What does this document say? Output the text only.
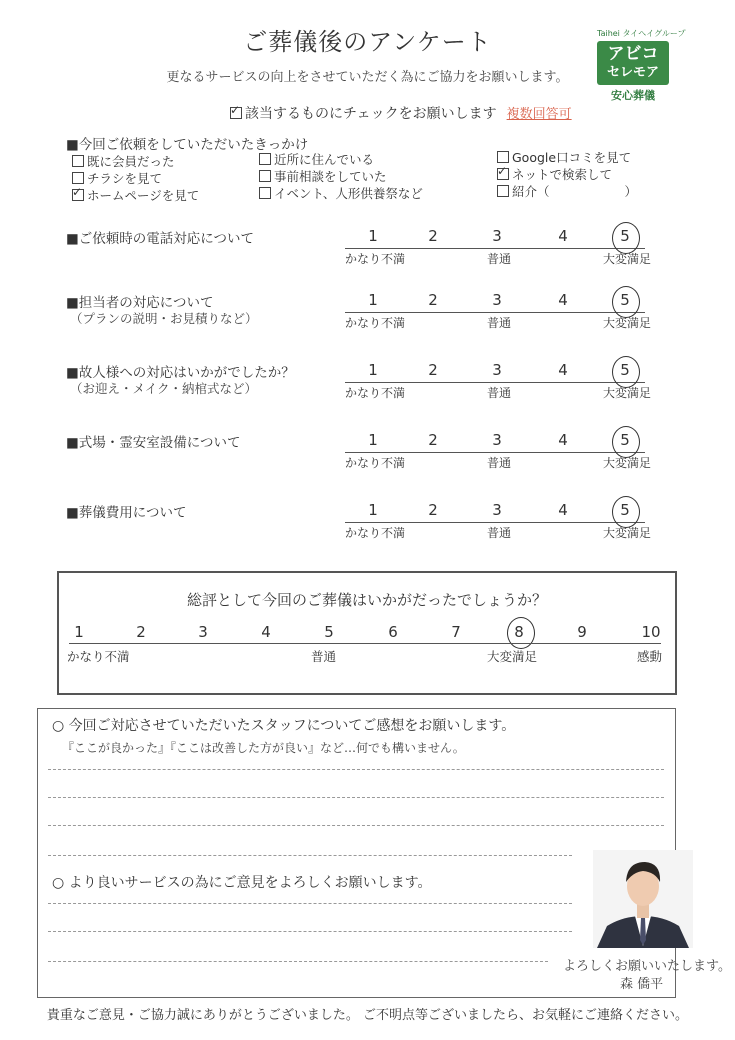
ご葬儀後のアンケート
更なるサービスの向上をさせていただく為にご協力をお願いします。
Taihei タイヘイグループ
アビコ
セレモア
安心葬儀
✓該当するものにチェックをお願いします 複数回答可
■今回ご依頼をしていただいたきっかけ
既に会員だった
チラシを見て
✓ホームページを見て
近所に住んでいる
事前相談をしていた
イベント、人形供養祭など
Google口コミを見て
✓ネットで検索して
紹介（　　　　　　）
■ご依頼時の電話対応について	1	2	3	4	5
かなり不満	普通	大変満足
■担当者の対応について
（プランの説明・お見積りなど）
1	2	3	4	5
かなり不満	普通	大変満足
■故人様への対応はいかがでしたか？
（お迎え・メイク・納棺式など）
1	2	3	4	5
かなり不満	普通	大変満足
■式場・霊安室設備について	1	2	3	4	5
かなり不満	普通	大変満足
■葬儀費用について	1	2	3	4	5
かなり不満	普通	大変満足
総評として今回のご葬儀はいかがだったでしょうか？
1	2	3	4	5	6	7	8	9	10
かなり不満	普通	大変満足	感動
○ 今回ご対応させていただいたスタッフについてご感想をお願いします。
『ここが良かった』『ここは改善した方が良い』など…何でも構いません。
○ より良いサービスの為にご意見をよろしくお願いします。
よろしくお願いいたします。
森 僑平
貴重なご意見・ご協力誠にありがとうございました。 ご不明点等ございましたら、お気軽にご連絡ください。
